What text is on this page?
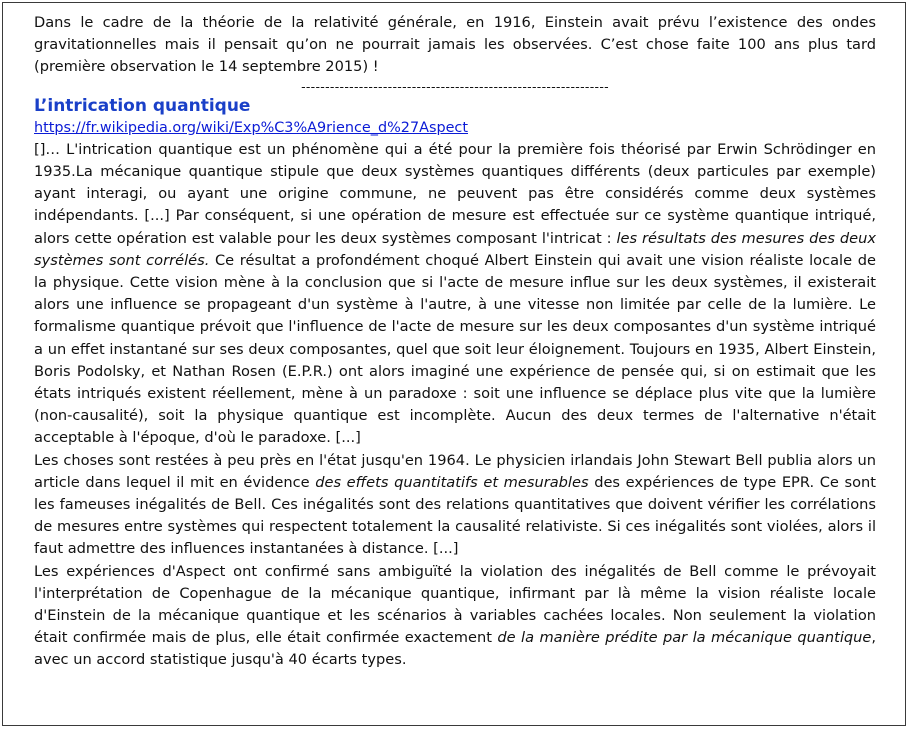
Dans le cadre de la théorie de la relativité générale, en 1916, Einstein avait prévu l’existence des ondes gravitationnelles mais il pensait qu’on ne pourrait jamais les observées. C’est chose faite 100 ans plus tard (première observation le 14 septembre 2015) !

----------------------------------------------------------------
L’intrication quantique
https://fr.wikipedia.org/wiki/Exp%C3%A9rience_d%27Aspect

[]… L'intrication quantique est un phénomène qui a été pour la première fois théorisé par Erwin Schrödinger en 1935.La mécanique quantique stipule que deux systèmes quantiques différents (deux particules par exemple) ayant interagi, ou ayant une origine commune, ne peuvent pas être considérés comme deux systèmes indépendants. [...] Par conséquent, si une opération de mesure est effectuée sur ce système quantique intriqué, alors cette opération est valable pour les deux systèmes composant l'intricat : les résultats des mesures des deux systèmes sont corrélés. Ce résultat a profondément choqué Albert Einstein qui avait une vision réaliste locale de la physique. Cette vision mène à la conclusion que si l'acte de mesure influe sur les deux systèmes, il existerait alors une influence se propageant d'un système à l'autre, à une vitesse non limitée par celle de la lumière. Le formalisme quantique prévoit que l'influence de l'acte de mesure sur les deux composantes d'un système intriqué a un effet instantané sur ses deux composantes, quel que soit leur éloignement. Toujours en 1935, Albert Einstein, Boris Podolsky, et Nathan Rosen (E.P.R.) ont alors imaginé une expérience de pensée qui, si on estimait que les états intriqués existent réellement, mène à un paradoxe : soit une influence se déplace plus vite que la lumière (non-causalité), soit la physique quantique est incomplète. Aucun des deux termes de l'alternative n'était acceptable à l'époque, d'où le paradoxe. [...]

Les choses sont restées à peu près en l'état jusqu'en 1964. Le physicien irlandais John Stewart Bell publia alors un article dans lequel il mit en évidence des effets quantitatifs et mesurables des expériences de type EPR. Ce sont les fameuses inégalités de Bell. Ces inégalités sont des relations quantitatives que doivent vérifier les corrélations de mesures entre systèmes qui respectent totalement la causalité relativiste. Si ces inégalités sont violées, alors il faut admettre des influences instantanées à distance. [...]

Les expériences d'Aspect ont confirmé sans ambiguïté la violation des inégalités de Bell comme le prévoyait l'interprétation de Copenhague de la mécanique quantique, infirmant par là même la vision réaliste locale d'Einstein de la mécanique quantique et les scénarios à variables cachées locales. Non seulement la violation était confirmée mais de plus, elle était confirmée exactement de la manière prédite par la mécanique quantique, avec un accord statistique jusqu'à 40 écarts types.
